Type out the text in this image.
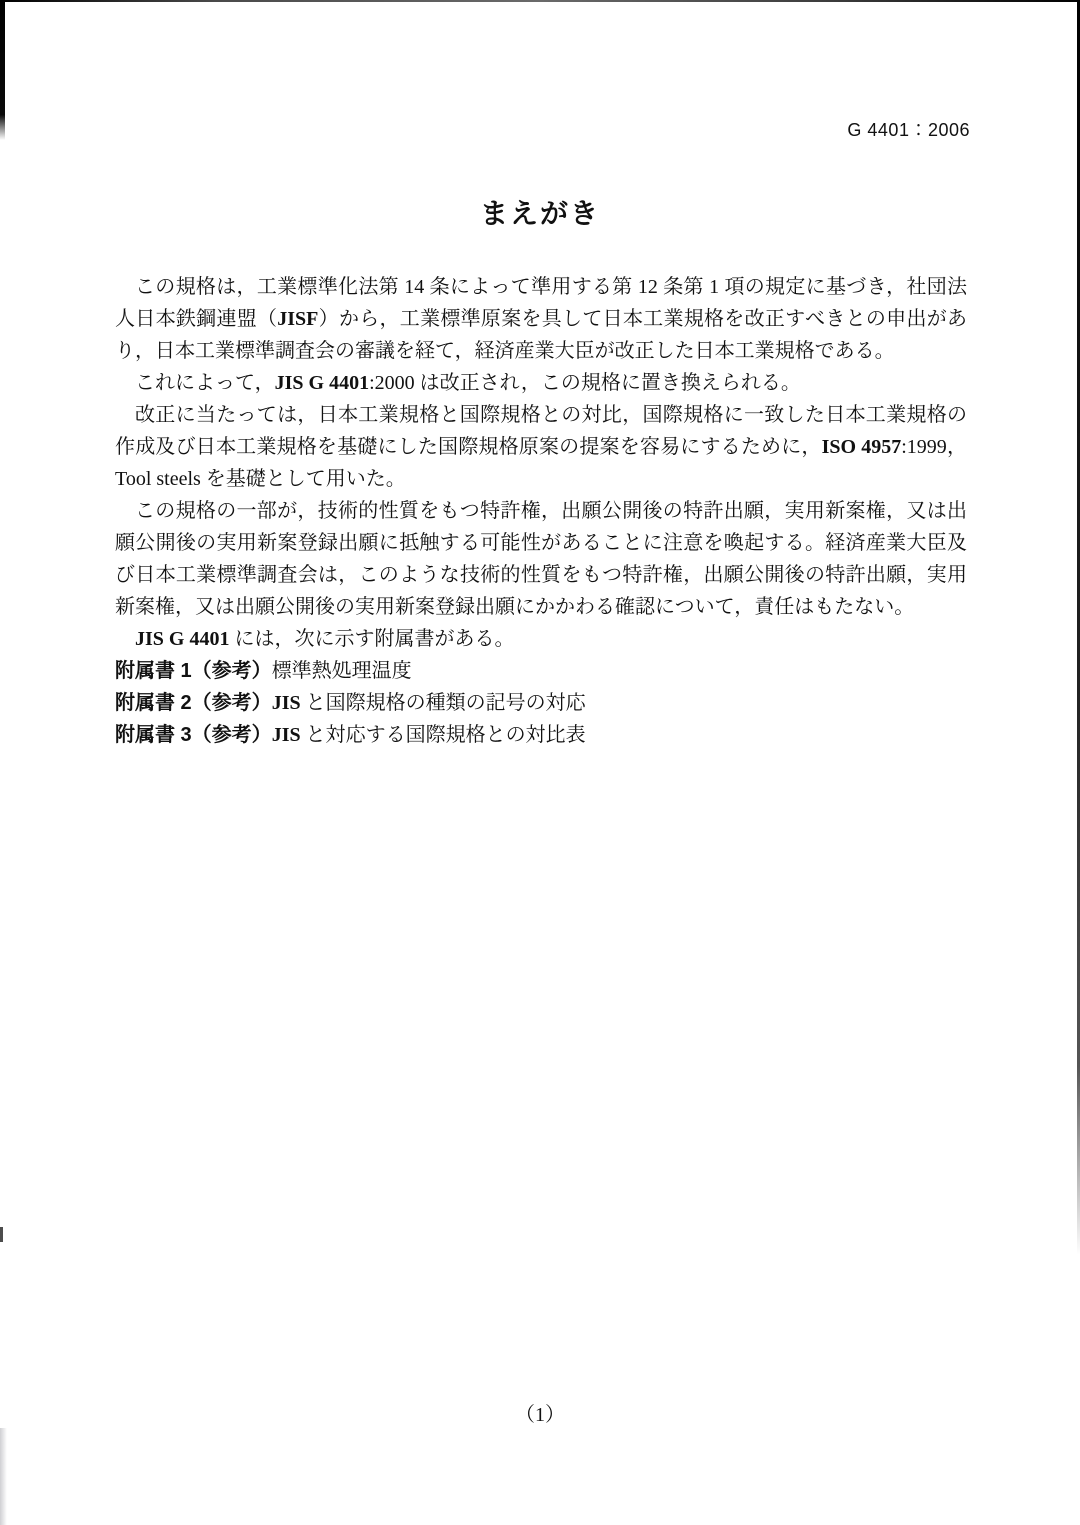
G 4401：2006
まえがき

この規格は，工業標準化法第 14 条によって準用する第 12 条第 1 項の規定に基づき，社団法人日本鉄鋼連盟（JISF）から，工業標準原案を具して日本工業規格を改正すべきとの申出があり，日本工業標準調査会の審議を経て，経済産業大臣が改正した日本工業規格である。

これによって，JIS G 4401:2000 は改正され，この規格に置き換えられる。

改正に当たっては，日本工業規格と国際規格との対比，国際規格に一致した日本工業規格の作成及び日本工業規格を基礎にした国際規格原案の提案を容易にするために，ISO 4957:1999，Tool steels を基礎として用いた。

この規格の一部が，技術的性質をもつ特許権，出願公開後の特許出願，実用新案権，又は出願公開後の実用新案登録出願に抵触する可能性があることに注意を喚起する。経済産業大臣及び日本工業標準調査会は，このような技術的性質をもつ特許権，出願公開後の特許出願，実用新案権，又は出願公開後の実用新案登録出願にかかわる確認について，責任はもたない。

JIS G 4401 には，次に示す附属書がある。

附属書 1（参考）標準熱処理温度

附属書 2（参考）JIS と国際規格の種類の記号の対応

附属書 3（参考）JIS と対応する国際規格との対比表

（1）
